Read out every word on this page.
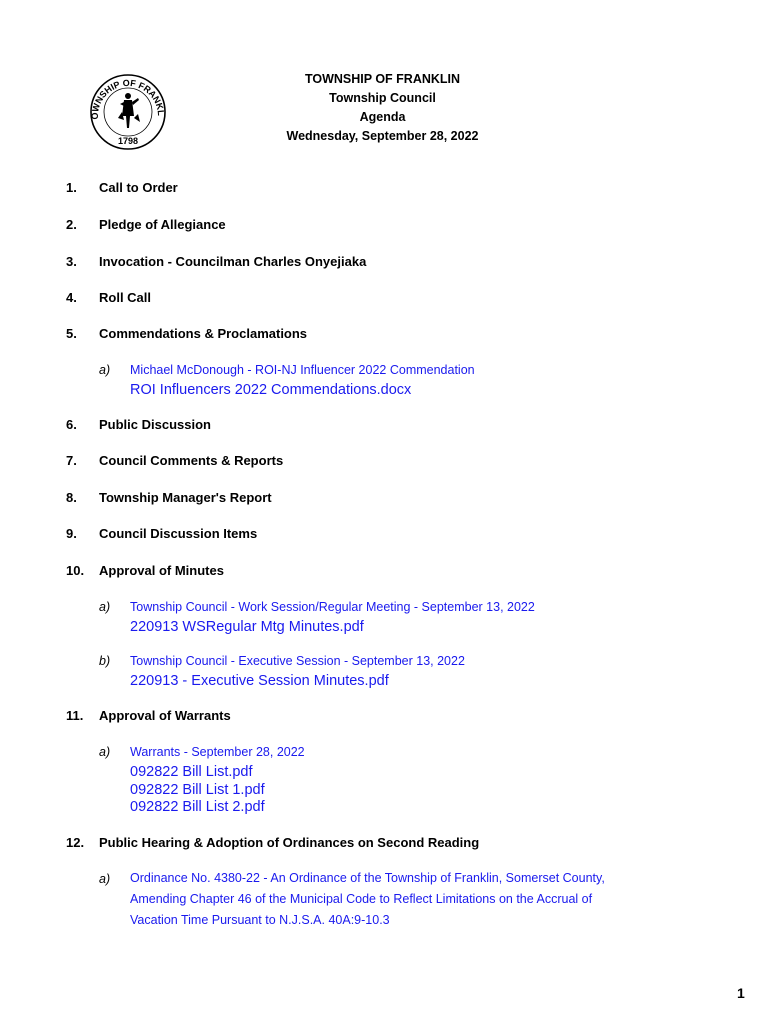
OWNSHIP OF FRANKL
1798
TOWNSHIP OF FRANKLIN
Township Council
Agenda
Wednesday, September 28, 2022
1. Call to Order
2. Pledge of Allegiance
3. Invocation - Councilman Charles Onyejiaka
4. Roll Call
5. Commendations & Proclamations
a) Michael McDonough - ROI-NJ Influencer 2022 Commendation
ROI Influencers 2022 Commendations.docx
6. Public Discussion
7. Council Comments & Reports
8. Township Manager's Report
9. Council Discussion Items
10. Approval of Minutes
a) Township Council - Work Session/Regular Meeting - September 13, 2022
220913 WSRegular Mtg Minutes.pdf
b) Township Council - Executive Session - September 13, 2022
220913 - Executive Session Minutes.pdf
11. Approval of Warrants
a) Warrants - September 28, 2022
092822 Bill List.pdf
092822 Bill List 1.pdf
092822 Bill List 2.pdf
12. Public Hearing & Adoption of Ordinances on Second Reading
a) Ordinance No. 4380-22 - An Ordinance of the Township of Franklin, Somerset County,
Amending Chapter 46 of the Municipal Code to Reflect Limitations on the Accrual of
Vacation Time Pursuant to N.J.S.A. 40A:9-10.3
1
